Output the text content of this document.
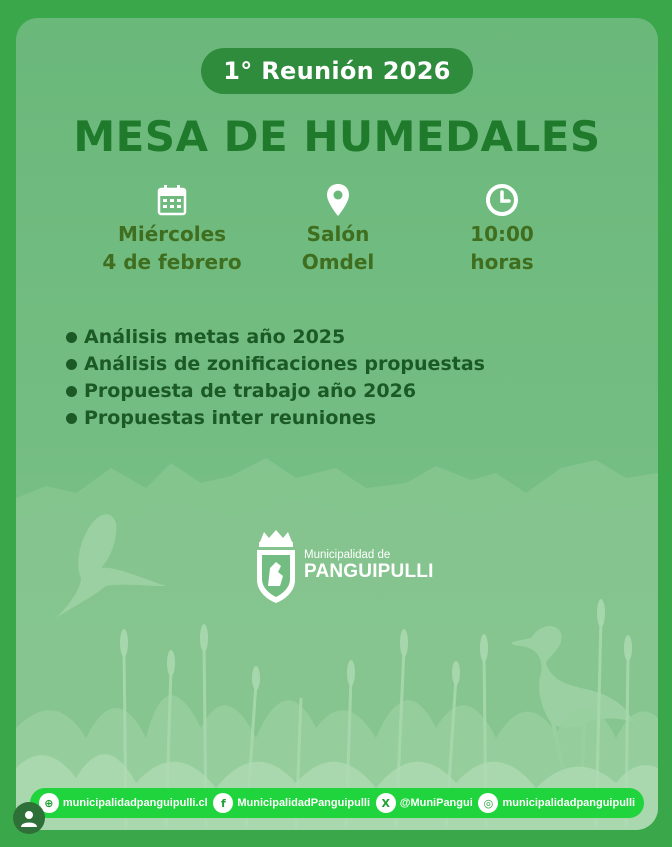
1° Reunión 2026
MESA DE HUMEDALES
Miércoles
4 de febrero
Salón
Omdel
10:00
horas
Análisis metas año 2025
Análisis de zonificaciones propuestas
Propuesta de trabajo año 2026
Propuestas inter reuniones
Municipalidad de
PANGUIPULLI
⊕ municipalidadpanguipulli.cl	f	MunicipalidadPanguipulli	X @MuniPangui ◎ municipalidadpanguipulli
